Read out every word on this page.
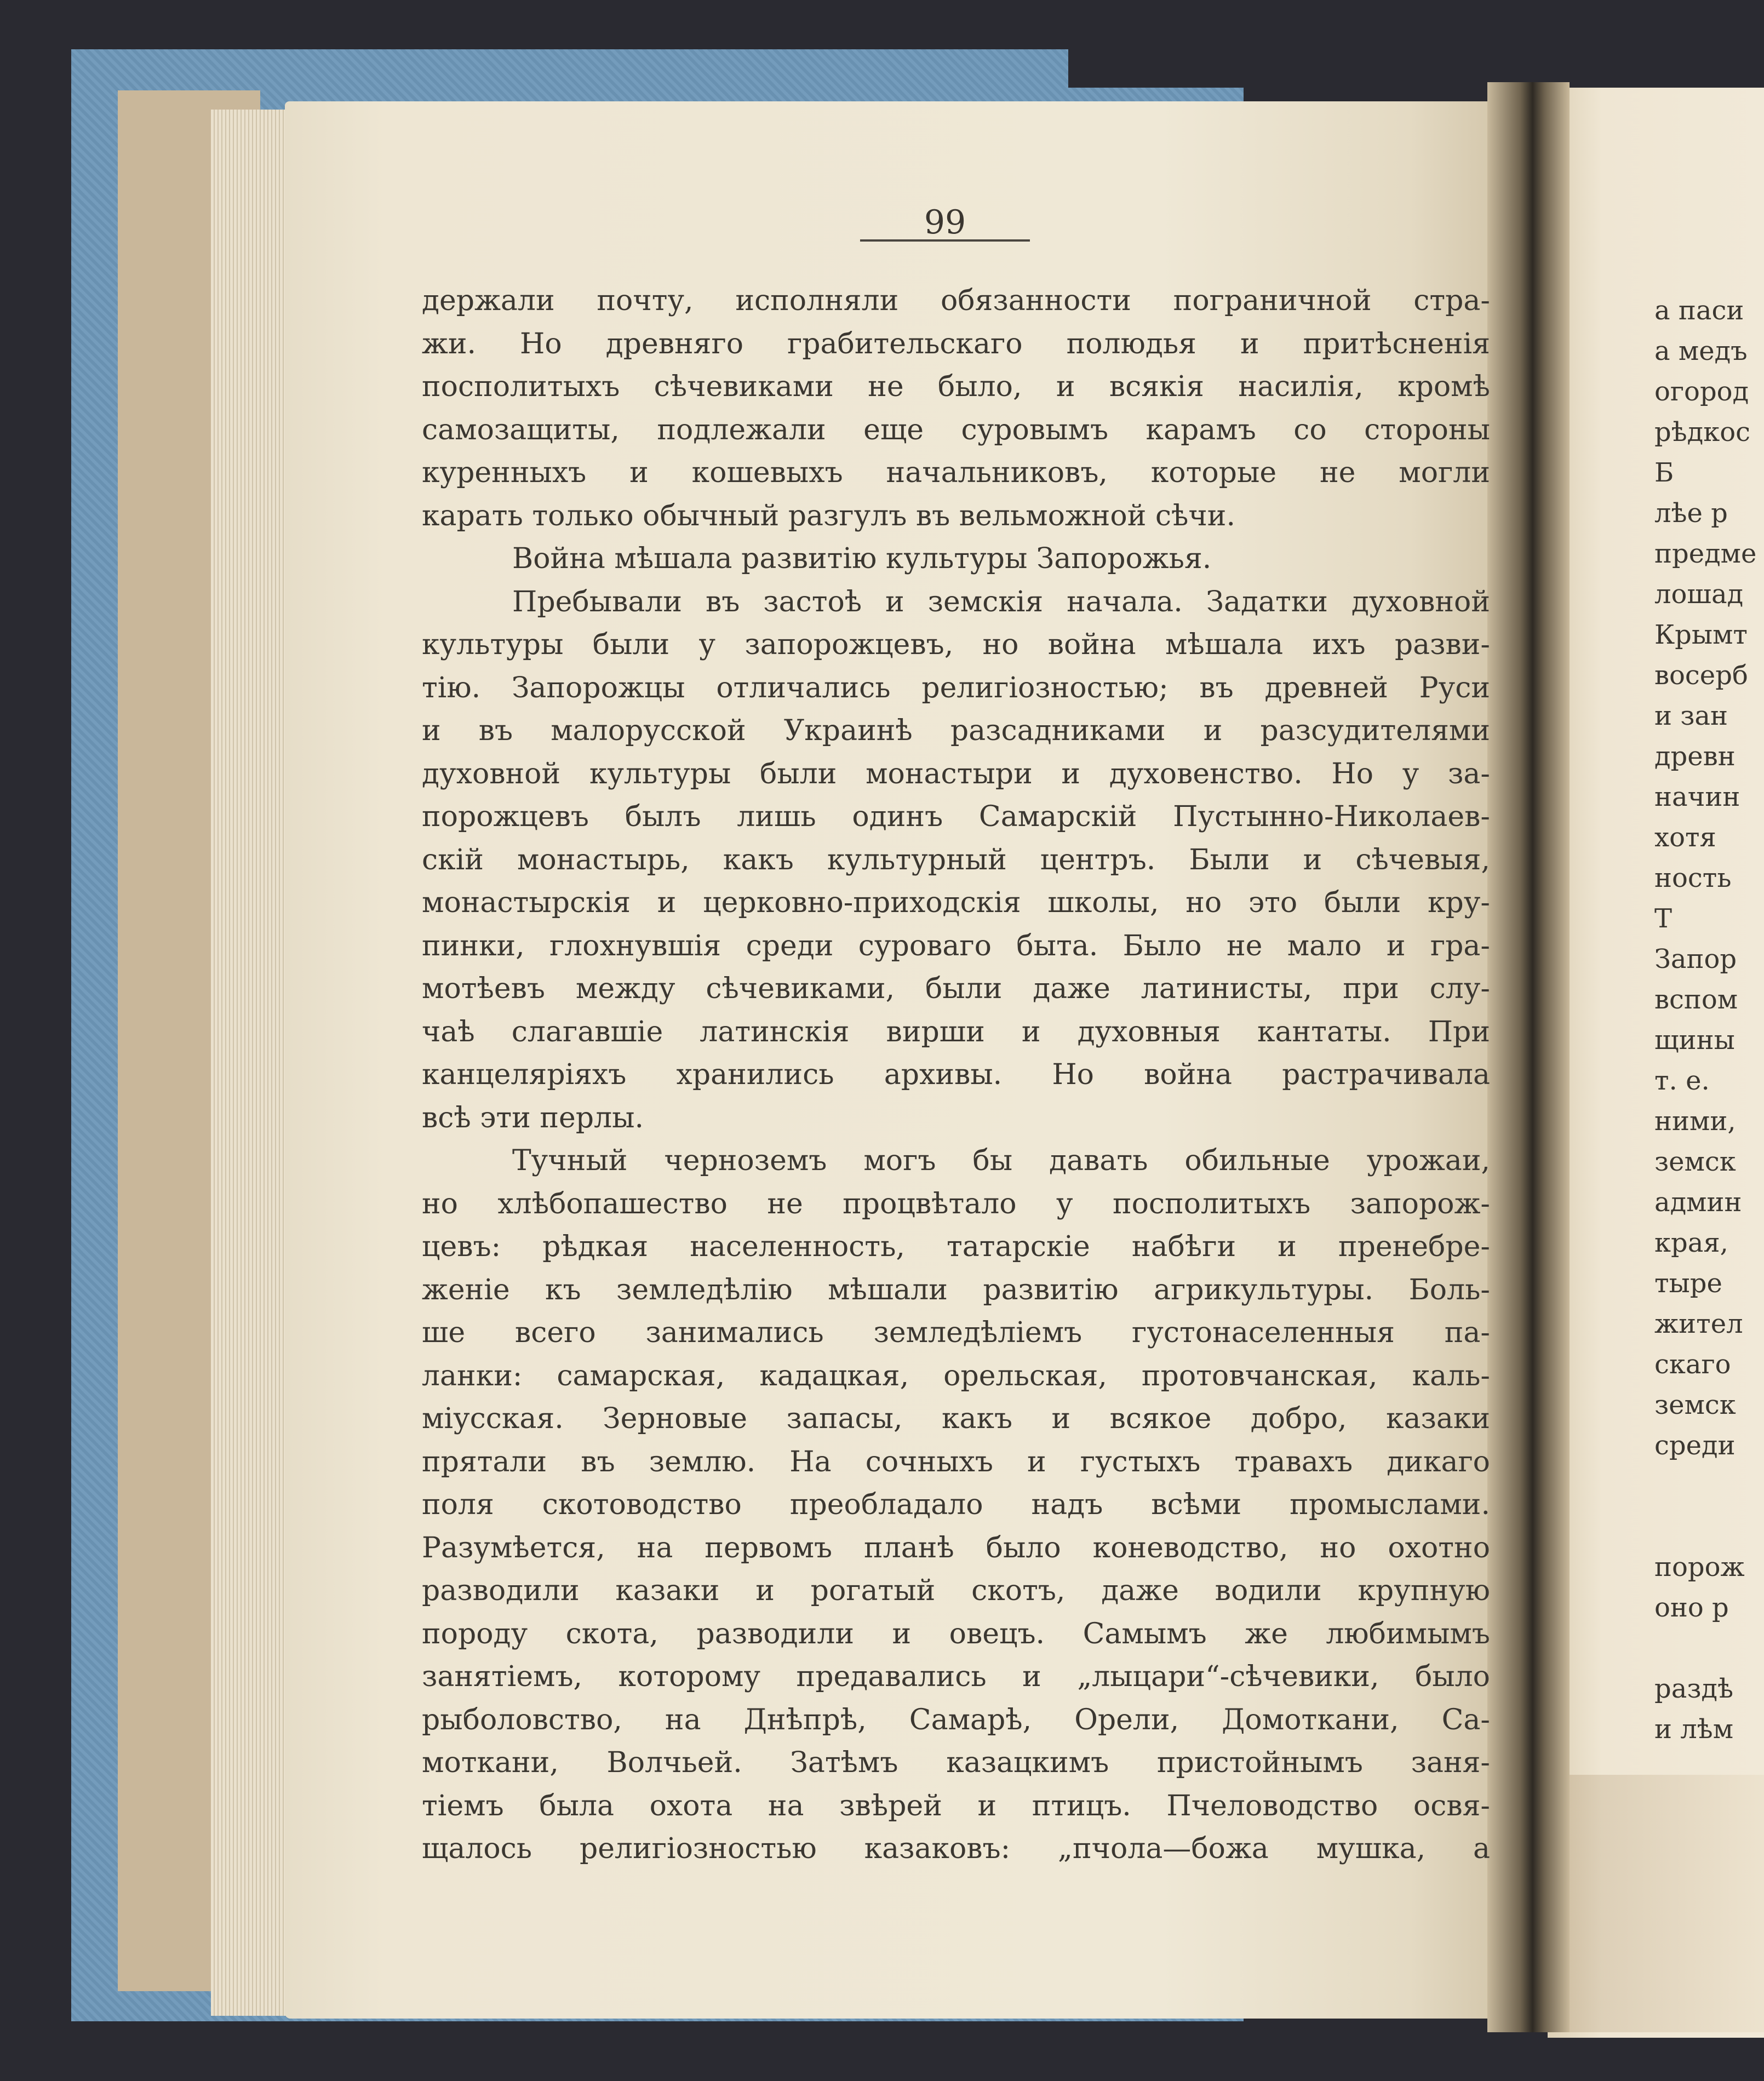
99
держали почту, исполняли обязанности пограничной стра-
жи. Но древняго грабительскаго полюдья и притѣсненія
посполитыхъ сѣчевиками не было, и всякія насилія, кромѣ
самозащиты, подлежали еще суровымъ карамъ со стороны
куренныхъ и кошевыхъ начальниковъ, которые не могли
карать только обычный разгулъ въ вельможной сѣчи.
Война мѣшала развитію культуры Запорожья.
Пребывали въ застоѣ и земскія начала. Задатки духовной
культуры были у запорожцевъ, но война мѣшала ихъ разви-
тію. Запорожцы отличались религіозностью; въ древней Руси
и въ малорусской Украинѣ разсадниками и разсудителями
духовной культуры были монастыри и духовенство. Но у за-
порожцевъ былъ лишь одинъ Самарскій Пустынно-Николаев-
скій монастырь, какъ культурный центръ. Были и сѣчевыя,
монастырскія и церковно-приходскія школы, но это были кру-
пинки, глохнувшія среди суроваго быта. Было не мало и гра-
мотѣевъ между сѣчевиками, были даже латинисты, при слу-
чаѣ слагавшіе латинскія вирши и духовныя кантаты. При
канцеляріяхъ хранились архивы. Но война растрачивала
всѣ эти перлы.
Тучный черноземъ могъ бы давать обильные урожаи,
но хлѣбопашество не процвѣтало у посполитыхъ запорож-
цевъ: рѣдкая населенность, татарскіе набѣги и пренебре-
женіе къ земледѣлію мѣшали развитію агрикультуры. Боль-
ше всего занимались земледѣліемъ густонаселенныя па-
ланки: самарская, кадацкая, орельская, протовчанская, каль-
міусская. Зерновые запасы, какъ и всякое добро, казаки
прятали въ землю. На сочныхъ и густыхъ травахъ дикаго
поля скотоводство преобладало надъ всѣми промыслами.
Разумѣется, на первомъ планѣ было коневодство, но охотно
разводили казаки и рогатый скотъ, даже водили крупную
породу скота, разводили и овецъ. Самымъ же любимымъ
занятіемъ, которому предавались и „лыцари“-сѣчевики, было
рыболовство, на Днѣпрѣ, Самарѣ, Орели, Домоткани, Са-
моткани, Волчьей. Затѣмъ казацкимъ пристойнымъ заня-
тіемъ была охота на звѣрей и птицъ. Пчеловодство освя-
щалось религіозностью казаковъ: „пчола—божа мушка, а
а паси
а медъ
огород
рѣдкос
Б
лѣе р
предме
лошад
Крымт
восерб
и зан
древн
начин
хотя
ность
Т
Запор
вспом
щины
т. е.
ними,
земск
админ
края,
тыре
жител
скаго
земск
среди
порож
оно р
раздѣ
и лѣм
